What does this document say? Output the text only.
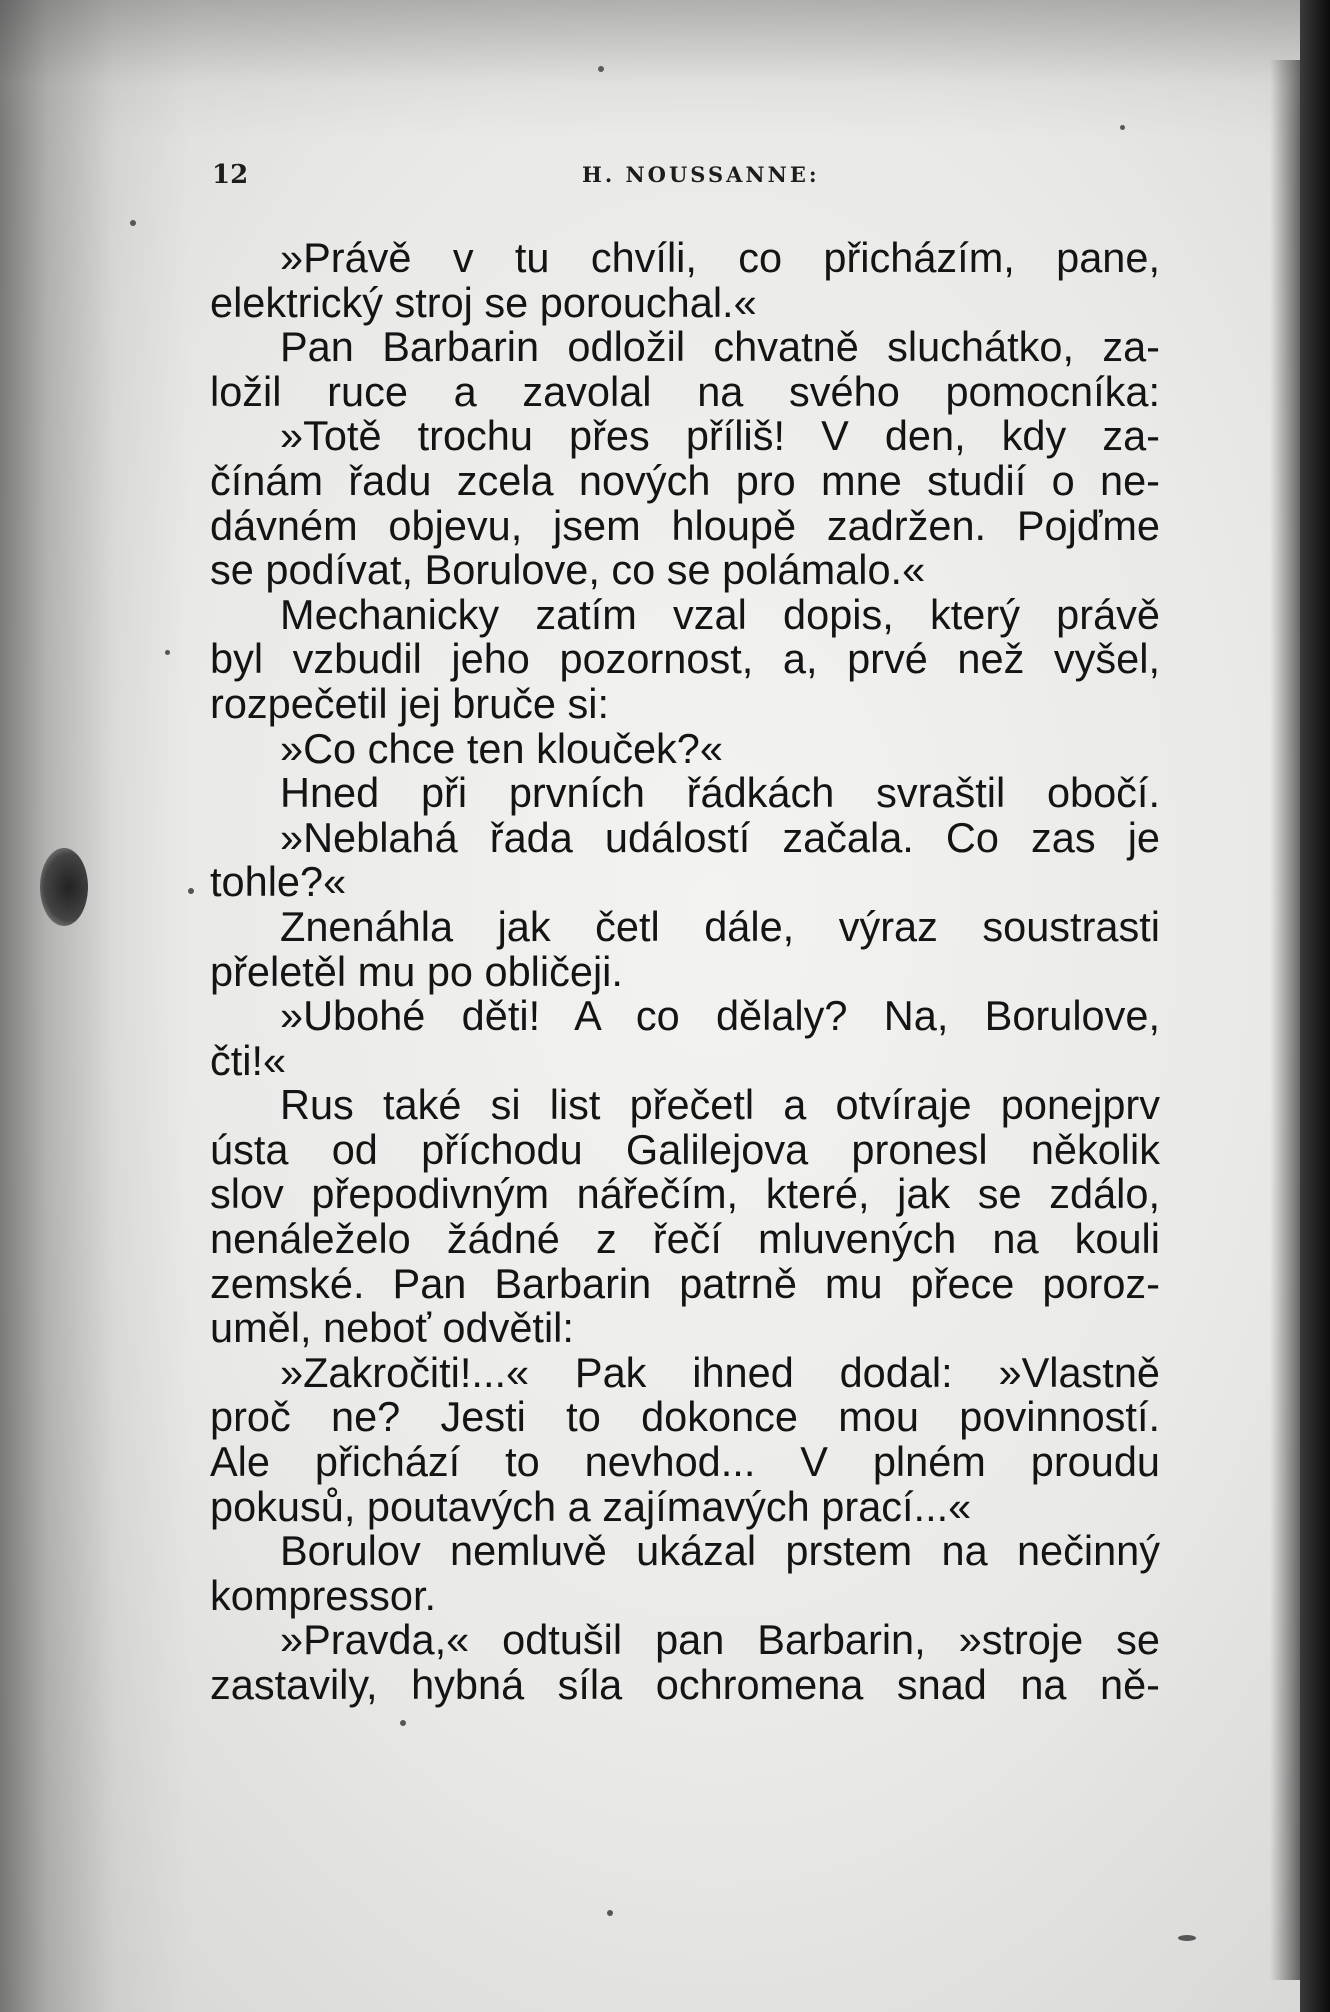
12	H. NOUSSANNE:
»Právě v tu chvíli, co přicházím, pane,
elektrický stroj se porouchal.«
Pan Barbarin odložil chvatně sluchátko, za-
ložil ruce a zavolal na svého pomocníka:
»Totě trochu přes příliš! V den, kdy za-
čínám řadu zcela nových pro mne studií o ne-
dávném objevu, jsem hloupě zadržen. Pojďme
se podívat, Borulove, co se polámalo.«
Mechanicky zatím vzal dopis, který právě
byl vzbudil jeho pozornost, a, prvé než vyšel,
rozpečetil jej bruče si:
»Co chce ten klouček?«
Hned při prvních řádkách svraštil obočí.
»Neblahá řada událostí začala. Co zas je
tohle?«
Znenáhla jak četl dále, výraz soustrasti
přeletěl mu po obličeji.
»Ubohé děti! A co dělaly? Na, Borulove,
čti!«
Rus také si list přečetl a otvíraje ponejprv
ústa od příchodu Galilejova pronesl několik
slov přepodivným nářečím, které, jak se zdálo,
nenáleželo žádné z řečí mluvených na kouli
zemské. Pan Barbarin patrně mu přece poroz-
uměl, neboť odvětil:
»Zakročiti!...« Pak ihned dodal: »Vlastně
proč ne? Jesti to dokonce mou povinností.
Ale přichází to nevhod... V plném proudu
pokusů, poutavých a zajímavých prací...«
Borulov nemluvě ukázal prstem na nečinný
kompressor.
»Pravda,« odtušil pan Barbarin, »stroje se
zastavily, hybná síla ochromena snad na ně-
